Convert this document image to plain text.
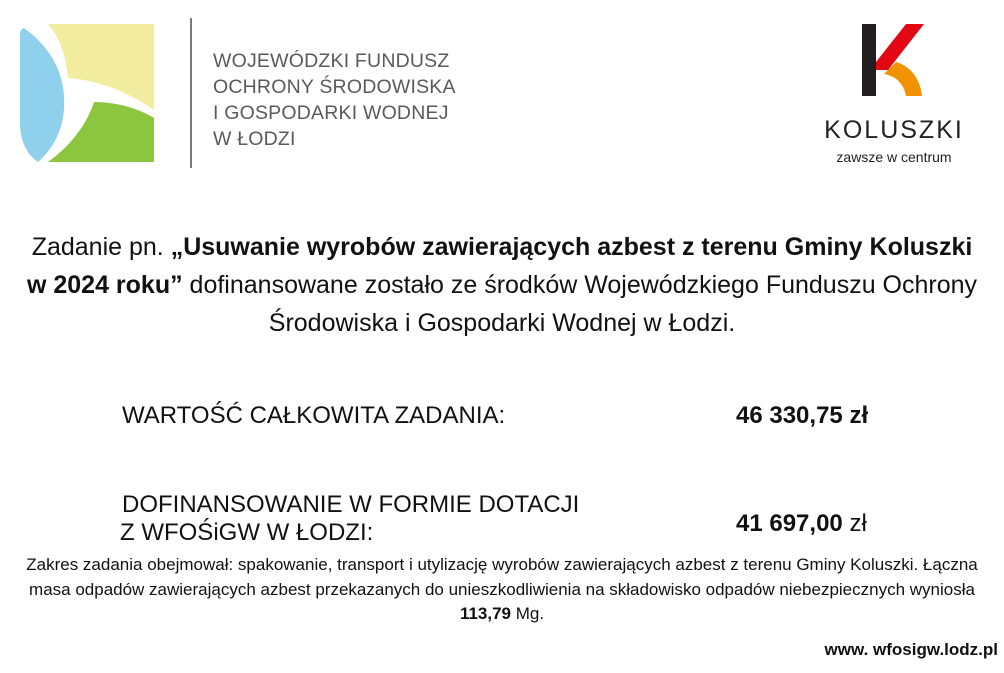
WOJEWÓDZKI FUNDUSZ
OCHRONY ŚRODOWISKA
I GOSPODARKI WODNEJ
W ŁODZI	KOLUSZKI
zawsze w centrum
Zadanie pn. „Usuwanie wyrobów zawierających azbest z terenu Gminy Koluszki w 2024 roku” dofinansowane zostało ze środków Wojewódzkiego Funduszu Ochrony Środowiska i Gospodarki Wodnej w Łodzi.
WARTOŚĆ CAŁKOWITA ZADANIA:	46 330,75 zł
DOFINANSOWANIE W FORMIE DOTACJI
Z WFOŚiGW W ŁODZI:	41 697,00 zł
Zakres zadania obejmował: spakowanie, transport i utylizację wyrobów zawierających azbest z terenu Gminy Koluszki. Łączna masa odpadów zawierających azbest przekazanych do unieszkodliwienia na składowisko odpadów niebezpiecznych wyniosła 113,79 Mg.
www. wfosigw.lodz.pl
